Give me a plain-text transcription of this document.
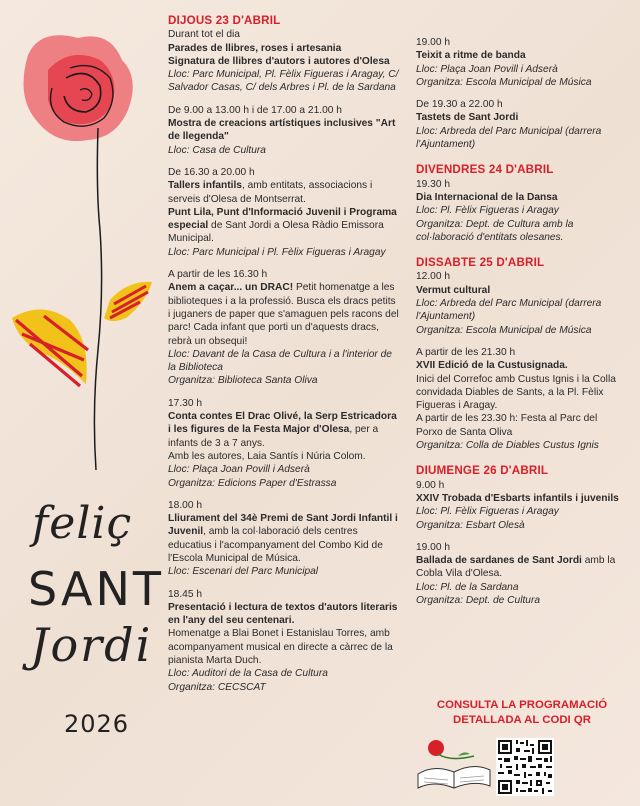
feliç
SANT
Jordi
2026
DIJOUS 23 D'ABRIL

Durant tot el dia

Parades de llibres, roses i artesania

Signatura de llibres d'autors i autores d'Olesa

Lloc: Parc Municipal, Pl. Fèlix Figueras i Aragay, C/ Salvador Casas, C/ dels Arbres i Pl. de la Sardana

De 9.00 a 13.00 h i de 17.00 a 21.00 h

Mostra de creacions artístiques inclusives "Art de llegenda"

Lloc: Casa de Cultura

De 16.30 a 20.00 h

Tallers infantils, amb entitats, associacions i serveis d'Olesa de Montserrat.

Punt Lila, Punt d'Informació Juvenil i Programa especial de Sant Jordi a Olesa Ràdio Emissora Municipal.

Lloc: Parc Municipal i Pl. Fèlix Figueras i Aragay

A partir de les 16.30 h

Anem a caçar... un DRAC! Petit homenatge a les biblioteques i a la professió. Busca els dracs petits i juganers de paper que s'amaguen pels racons del parc! Cada infant que porti un d'aquests dracs, rebrà un obsequi!

Lloc: Davant de la Casa de Cultura i a l'interior de la Biblioteca

Organitza: Biblioteca Santa Oliva

17.30 h

Conta contes El Drac Olivé, la Serp Estricadora i les figures de la Festa Major d'Olesa, per a infants de 3 a 7 anys.

Amb les autores, Laia Santís i Núria Colom.

Lloc: Plaça Joan Povill i Adserà

Organitza: Edicions Paper d'Estrassa

18.00 h

Lliurament del 34è Premi de Sant Jordi Infantil i Juvenil, amb la col·laboració dels centres educatius i l'acompanyament del Combo Kid de l'Escola Municipal de Música.

Lloc: Escenari del Parc Municipal

18.45 h

Presentació i lectura de textos d'autors literaris en l'any del seu centenari.

Homenatge a Blai Bonet i Estanislau Torres, amb acompanyament musical en directe a càrrec de la pianista Marta Duch.

Lloc: Auditori de la Casa de Cultura

Organitza: CECSCAT

19.00 h

Teixit a ritme de banda

Lloc: Plaça Joan Povill i Adserà

Organitza: Escola Municipal de Música

De 19.30 a 22.00 h

Tastets de Sant Jordi

Lloc: Arbreda del Parc Municipal (darrera l'Ajuntament)

DIVENDRES 24 D'ABRIL

19.30 h

Dia Internacional de la Dansa

Lloc: Pl. Fèlix Figueras i Aragay

Organitza: Dept. de Cultura amb la col·laboració d'entitats olesanes.

DISSABTE 25 D'ABRIL

12.00 h

Vermut cultural

Lloc: Arbreda del Parc Municipal (darrera l'Ajuntament)

Organitza: Escola Municipal de Música

A partir de les 21.30 h

XVII Edició de la Custusignada.

Inici del Correfoc amb Custus Ignis i la Colla convidada Diables de Sants, a la Pl. Fèlix Figueras i Aragay.

A partir de les 23.30 h: Festa al Parc del Porxo de Santa Oliva

Organitza: Colla de Diables Custus Ignis

DIUMENGE 26 D'ABRIL

9.00 h

XXIV Trobada d'Esbarts infantils i juvenils

Lloc: Pl. Fèlix Figueras i Aragay

Organitza: Esbart Olesà

19.00 h

Ballada de sardanes de Sant Jordi amb la Cobla Vila d'Olesa.

Lloc: Pl. de la Sardana

Organitza: Dept. de Cultura

CONSULTA LA PROGRAMACIÓ
DETALLADA AL CODI QR
